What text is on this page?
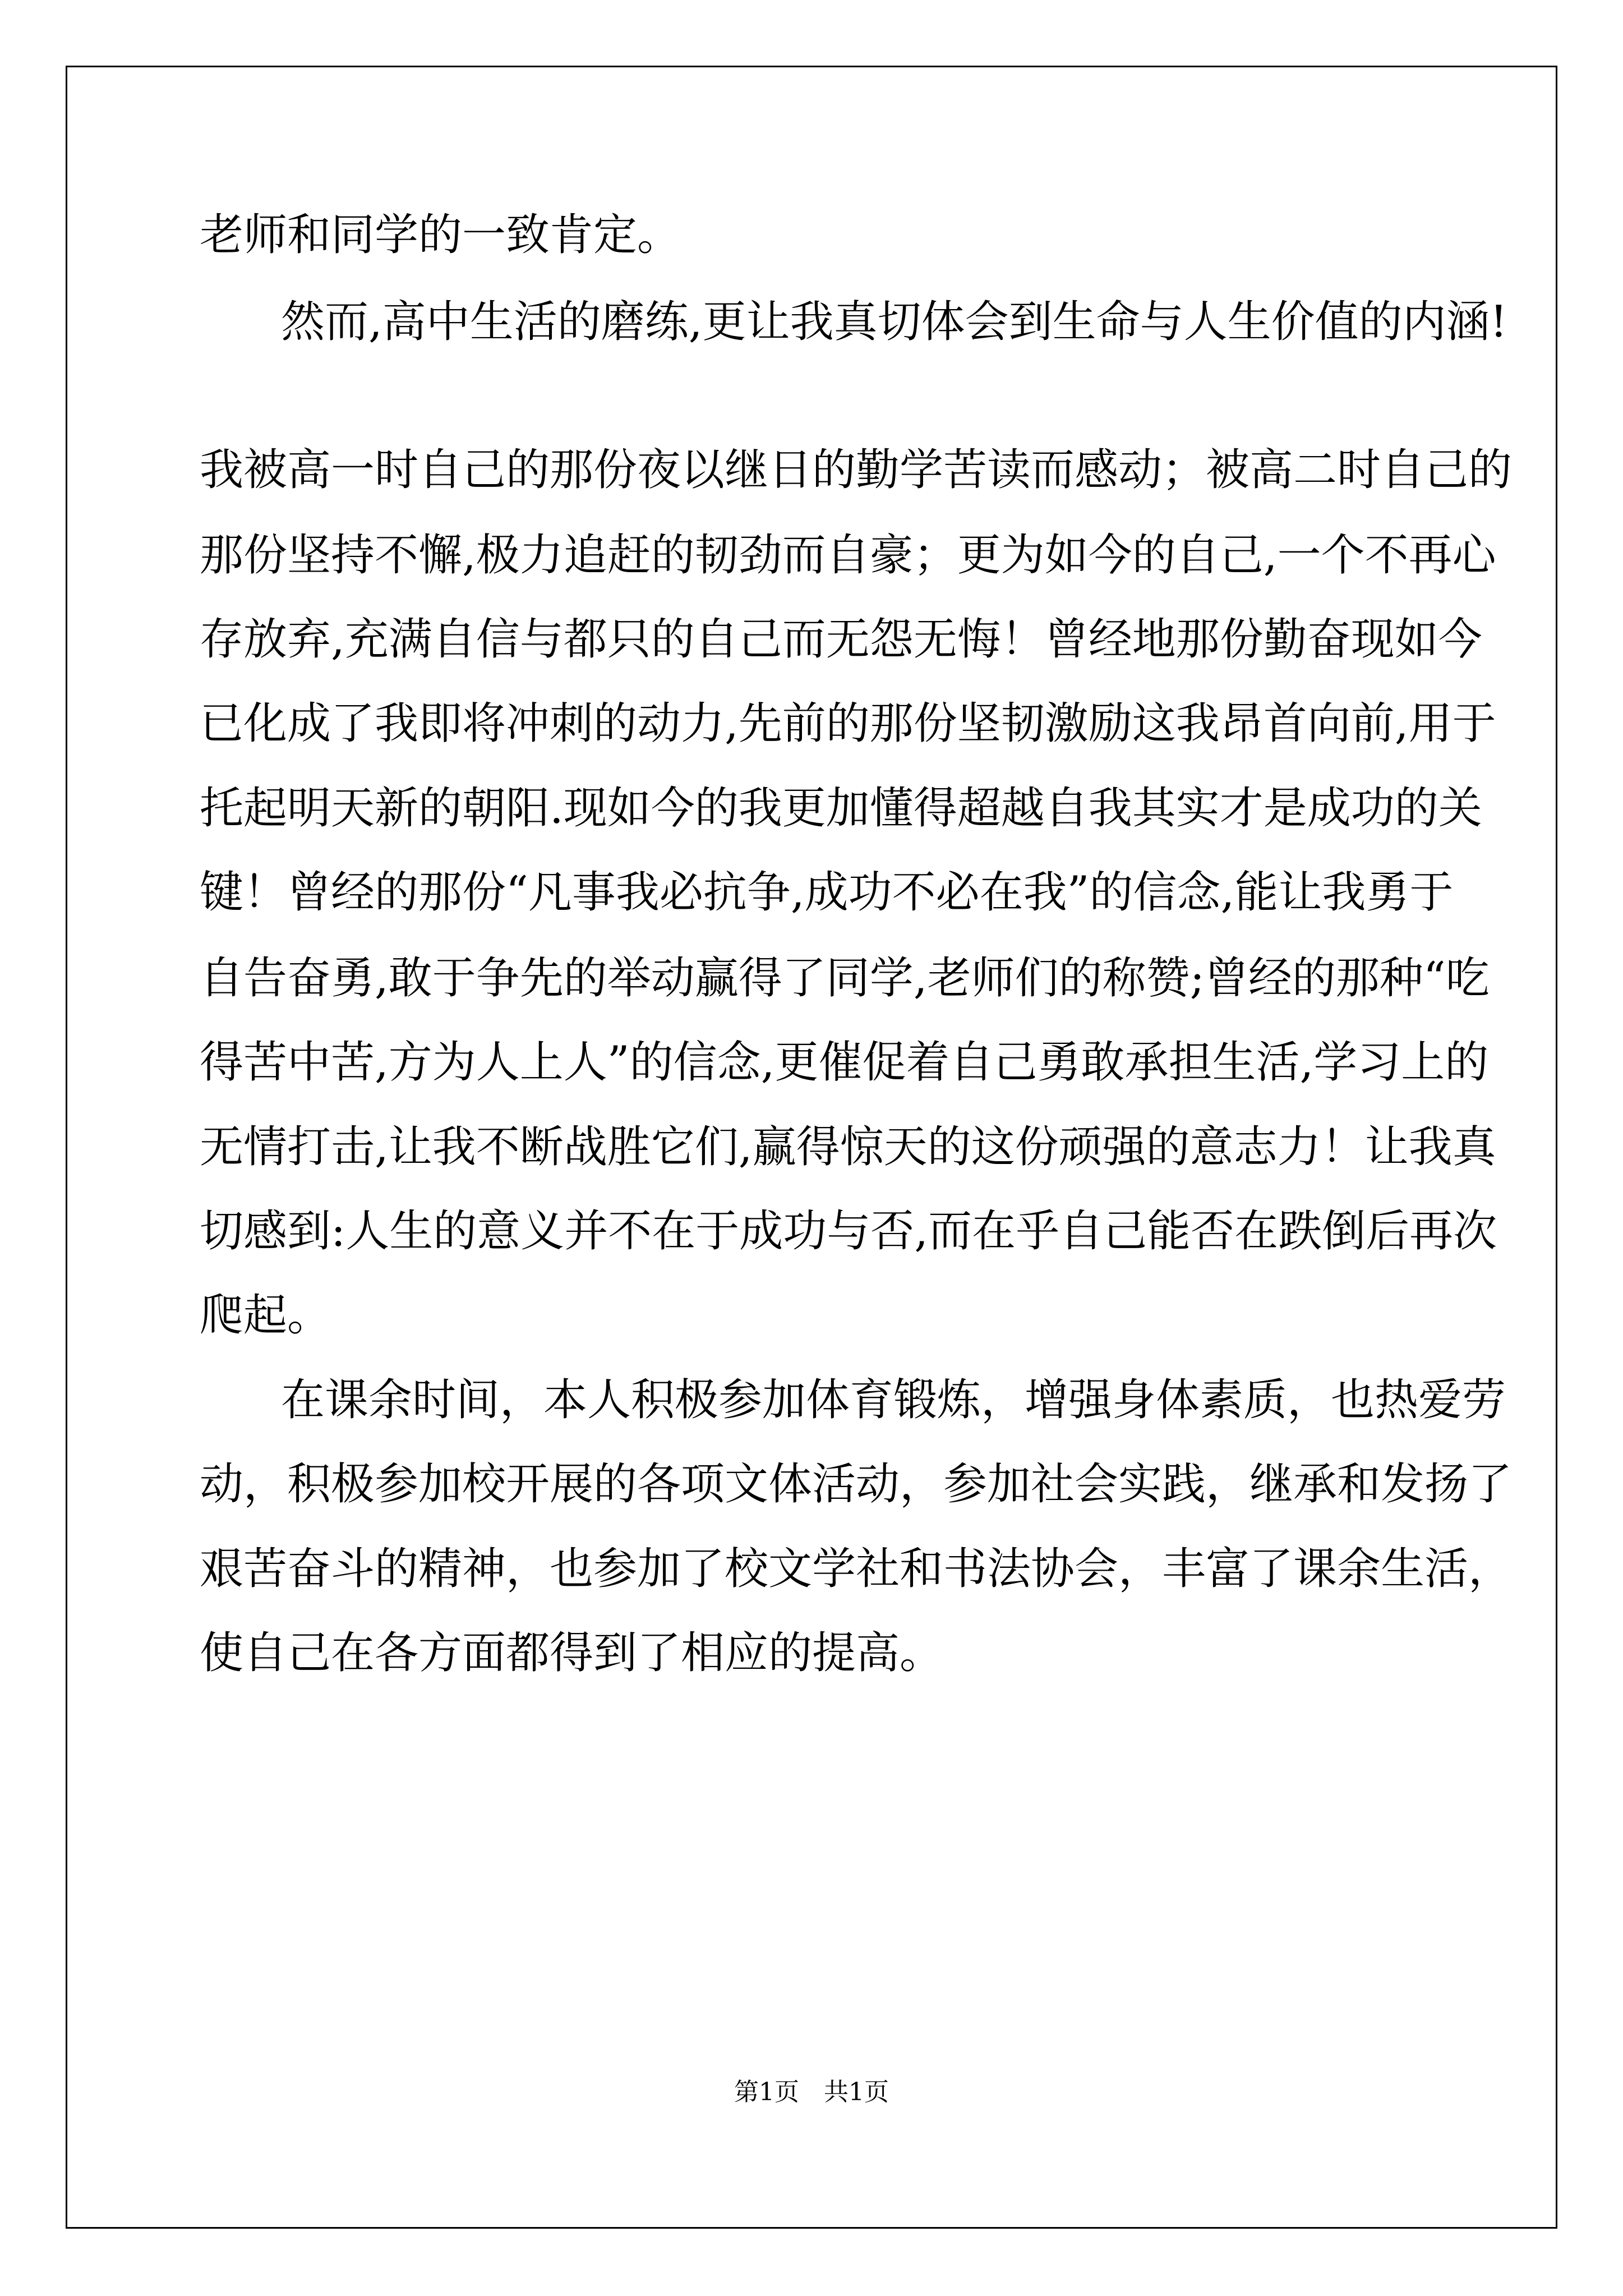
老师和同学的一致肯定。
然而,高中生活的磨练,更让我真切体会到生命与人生价值的内涵!
我被高一时自己的那份夜以继日的勤学苦读而感动；被高二时自己的
那份坚持不懈,极力追赶的韧劲而自豪；更为如今的自己,一个不再心
存放弃,充满自信与都只的自己而无怨无悔！曾经地那份勤奋现如今
已化成了我即将冲刺的动力,先前的那份坚韧激励这我昂首向前,用于
托起明天新的朝阳.现如今的我更加懂得超越自我其实才是成功的关
键！曾经的那份“凡事我必抗争,成功不必在我”的信念,能让我勇于
自告奋勇,敢于争先的举动赢得了同学,老师们的称赞;曾经的那种“吃
得苦中苦,方为人上人”的信念,更催促着自己勇敢承担生活,学习上的
无情打击,让我不断战胜它们,赢得惊天的这份顽强的意志力！让我真
切感到:人生的意义并不在于成功与否,而在乎自己能否在跌倒后再次
爬起。
在课余时间，本人积极参加体育锻炼，增强身体素质，也热爱劳
动，积极参加校开展的各项文体活动，参加社会实践，继承和发扬了
艰苦奋斗的精神，也参加了校文学社和书法协会，丰富了课余生活，
使自己在各方面都得到了相应的提高。
第1页　共1页
